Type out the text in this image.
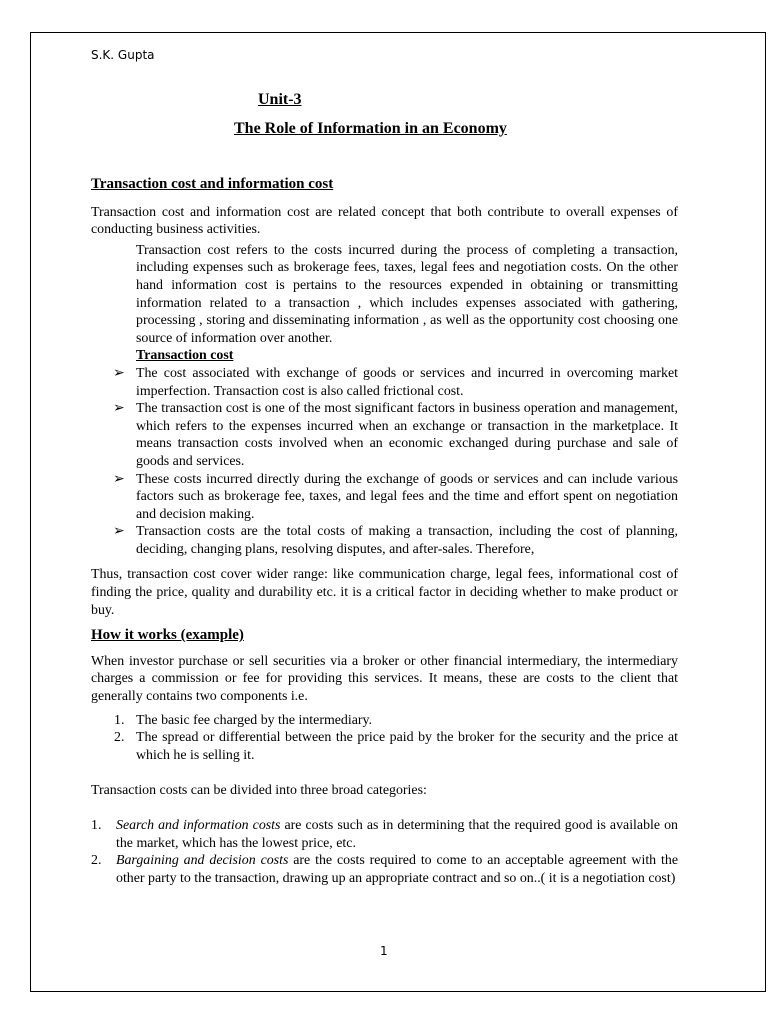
S.K. Gupta
Unit-3
The Role of Information in an Economy

Transaction cost and information cost

Transaction cost and information cost are related concept that both contribute to overall expenses of conducting business activities.

Transaction cost refers to the costs incurred during the process of completing a transaction, including expenses such as brokerage fees, taxes, legal fees and negotiation costs. On the other hand information cost is pertains to the resources expended in obtaining or transmitting information related to a transaction , which includes expenses associated with gathering, processing , storing and disseminating information , as well as the opportunity cost choosing one source of information over another.

Transaction cost

➢ The cost associated with exchange of goods or services and incurred in overcoming market imperfection. Transaction cost is also called frictional cost.
➢ The transaction cost is one of the most significant factors in business operation and management, which refers to the expenses incurred when an exchange or transaction in the marketplace. It means transaction costs involved when an economic exchanged during purchase and sale of goods and services.
➢ These costs incurred directly during the exchange of goods or services and can include various factors such as brokerage fee, taxes, and legal fees and the time and effort spent on negotiation and decision making.
➢ Transaction costs are the total costs of making a transaction, including the cost of planning, deciding, changing plans, resolving disputes, and after-sales. Therefore,

Thus, transaction cost cover wider range: like communication charge, legal fees, informational cost of finding the price, quality and durability etc. it is a critical factor in deciding whether to make product or buy.

How it works (example)

When investor purchase or sell securities via a broker or other financial intermediary, the intermediary charges a commission or fee for providing this services. It means, these are costs to the client that generally contains two components i.e.

1. The basic fee charged by the intermediary.
2. The spread or differential between the price paid by the broker for the security and the price at which he is selling it.

Transaction costs can be divided into three broad categories:

1. Search and information costs are costs such as in determining that the required good is available on the market, which has the lowest price, etc.
2. Bargaining and decision costs are the costs required to come to an acceptable agreement with the other party to the transaction, drawing up an appropriate contract and so on..( it is a negotiation cost)
1
